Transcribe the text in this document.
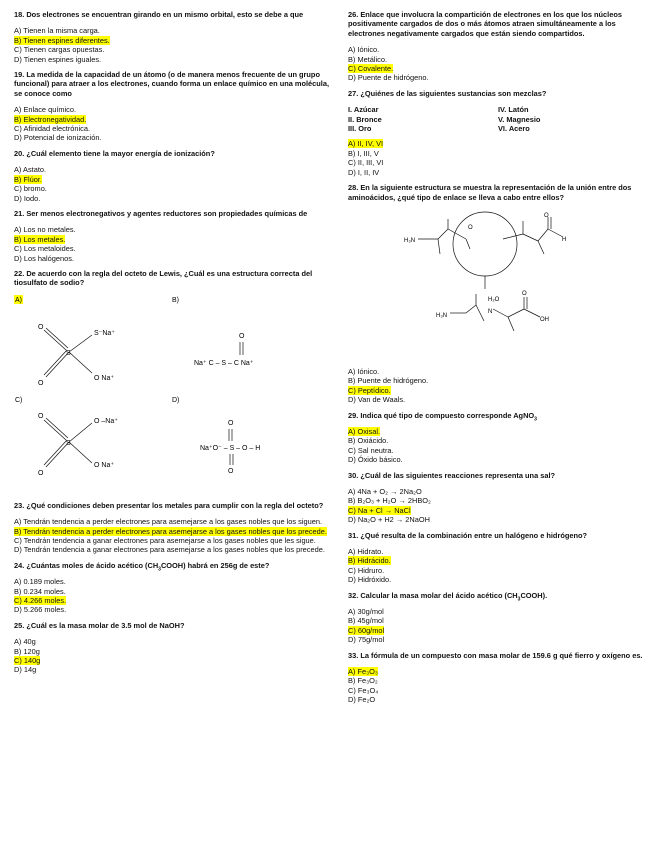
18. Dos electrones se encuentran girando en un mismo orbital, esto se debe a que
A) Tienen la misma carga.
B) Tienen espines diferentes.
C) Tienen cargas opuestas.
D) Tienen espines iguales.
19. La medida de la capacidad de un átomo (o de manera menos frecuente de un grupo funcional) para atraer a los electrones, cuando forma un enlace químico en una molécula, se conoce como
A) Enlace químico.
B) Electronegatividad.
C) Afinidad electrónica.
D) Potencial de ionización.
20. ¿Cuál elemento tiene la mayor energía de ionización?
A) Astato.
B) Flúor.
C) bromo.
D) Iodo.
21. Ser menos electronegativos y agentes reductores son propiedades químicas de
A) Los no metales.
B) Los metales.
C) Los metaloides.
D) Los halógenos.
22. De acuerdo con la regla del octeto de Lewis, ¿Cuál es una estructura correcta del tiosulfato de sodio?
A)
S
S⁻Na⁺
O Na⁺
O
O
B)
O
Na⁺ C – S – C Na⁺
C)
S
O –Na⁺
O Na⁺
O
O
D)
O
Na⁺O⁻ – S – O – H
O
23. ¿Qué condiciones deben presentar los metales para cumplir con la regla del octeto?
A) Tendrán tendencia a perder electrones para asemejarse a los gases nobles que los siguen.
B) Tendrán tendencia a perder electrones para asemejarse a los gases nobles que los precede.
C) Tendrán tendencia a ganar electrones para asemejarse a los gases nobles que les sigue.
D) Tendrán tendencia a ganar electrones para asemejarse a los gases nobles que los precede.
24. ¿Cuántas moles de ácido acético $(CH_3COOH)$ habrá en 256g de este?
A) 0.189 moles.
B) 0.234 moles.
C) 4.266 moles.
D) 5.266 moles.
25. ¿Cuál es la masa molar de 3.5 mol de NaOH?
A) 40g
B) 120g
C) 140g
D) 14g
26. Enlace que involucra la compartición de electrones en los que los núcleos positivamente cargados de dos o más átomos atraen simultáneamente a los electrones negativamente cargados que están siendo compartidos.
A) Iónico.
B) Metálico.
C) Covalente.
D) Puente de hidrógeno.
27. ¿Quiénes de las siguientes sustancias son mezclas?
I. Azúcar	IV. Latón
II. Bronce	V. Magnesio
III. Oro	VI. Acero
A) II, IV, VI
B) I, III, V
C) II, III, VI
D) I, II, IV
28. En la siguiente estructura se muestra la representación de la unión entre dos aminoácidos, ¿qué tipo de enlace se lleva a cabo entre ellos?
H₃N
O
O
H
H₂O
H₃N
N
O
OH
A) Iónico.
B) Puente de hidrógeno.
C) Peptídico.
D) Van de Waals.
29. Indica qué tipo de compuesto corresponde AgNO$_3$
A) Oxisal.
B) Oxiácido.
C) Sal neutra.
D) Óxido básico.
30. ¿Cuál de las siguientes reacciones representa una sal?
A) 4Na + O₂ → 2Na₂O
B) B₂O₃ + H₂O → 2HBO₂
C) Na + Cl → NaCl
D) Na₂O + H2 → 2NaOH
31. ¿Qué resulta de la combinación entre un halógeno e hidrógeno?
A) Hidrato.
B) Hidrácido.
C) Hidruro.
D) Hidróxido.
32. Calcular la masa molar del ácido acético $(CH_3COOH)$.
A) 30g/mol
B) 45g/mol
C) 60g/mol
D) 75g/mol
33. La fórmula de un compuesto con masa molar de 159.6 g qué fierro y oxígeno es.
A) Fe₃O₃
B) Fe₃O₂
C) Fe₃O₄
D) Fe₂O
